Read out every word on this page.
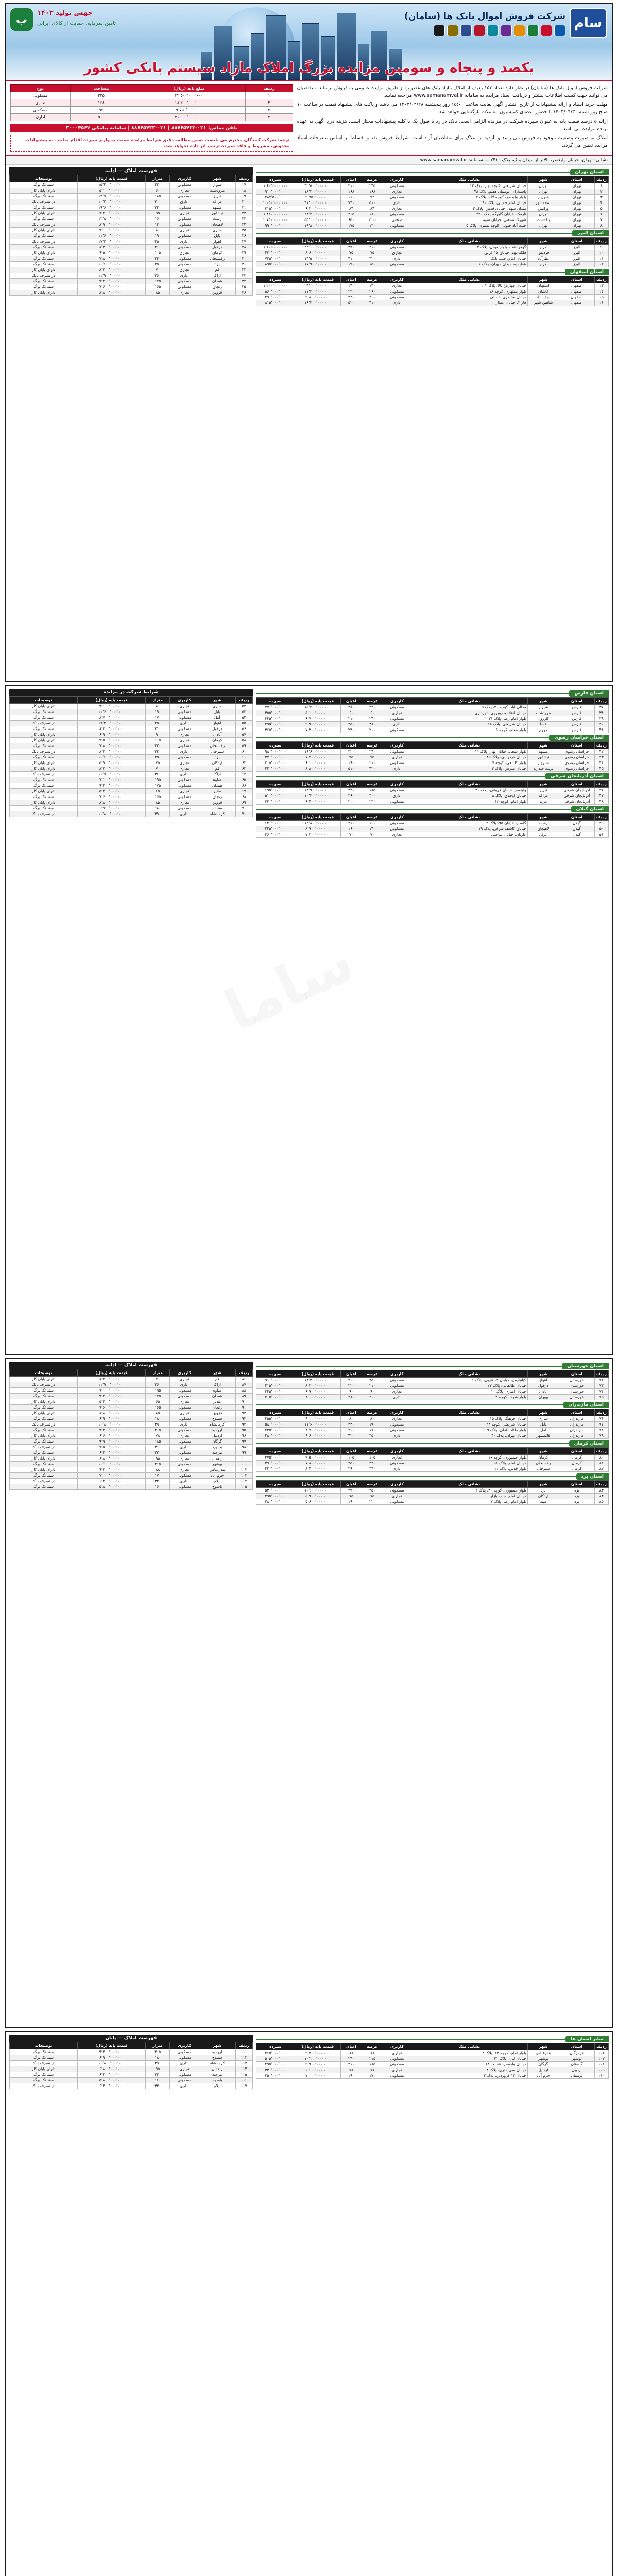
سام
شرکت فروش اموال بانک ها (سامان)
ب	جهش تولید ۱۴۰۳
تامین سرمایه، حمایت از کالای ایرانی
یکصد و پنجاه و سومین مزایده بزرگ املاک مازاد سیستم بانکی کشور

شرکت فروش اموال بانک ها (سامان) در نظر دارد تعداد ۱۵۳ ردیف از املاک مازاد بانک های عضو را از طریق مزایده عمومی به فروش برساند. متقاضیان می توانند جهت کسب اطلاعات بیشتر و دریافت اسناد مزایده به سامانه www.samanamval.ir مراجعه نمایند.

مهلت خرید اسناد و ارائه پیشنهادات از تاریخ انتشار آگهی لغایت ساعت ۱۵:۰۰ روز پنجشنبه ۱۴۰۳/۰۴/۲۸ می باشد و پاکت های پیشنهاد قیمت در ساعت ۱۰ صبح روز شنبه ۱۴۰۳/۰۴/۳۰ با حضور اعضای کمیسیون معاملات بازگشایی خواهد شد.

ارائه ۵ درصد قیمت پایه به عنوان سپرده شرکت در مزایده الزامی است. بانک در رد یا قبول یک یا کلیه پیشنهادات مختار است. هزینه درج آگهی به عهده برنده مزایده می باشد.

املاک به صورت وضعیت موجود به فروش می رسد و بازدید از املاک برای متقاضیان آزاد است. شرایط فروش نقد و اقساط بر اساس مندرجات اسناد مزایده تعیین می گردد.

ردیف	مبلغ پایه (ریال)	مساحت	نوع
۱	۳۲٬۵۰۰٬۰۰۰٬۰۰۰	۲۴۵	مسکونی
۲	۱۸٬۲۰۰٬۰۰۰٬۰۰۰	۱۶۸	تجاری
۳	۹٬۷۵۰٬۰۰۰٬۰۰۰	۹۲	مسکونی
۴	۴۱٬۰۰۰٬۰۰۰٬۰۰۰	۵۱۰	اداری
تلفن تماس: ۰۲۱-۸۸۷۶۵۴۳۲ | ۰۲۱-۸۸۷۶۵۴۳۳ | سامانه پیامکی ۳۰۰۰۴۵۶۷
توجه: شرکت کنندگان محترم می بایست ضمن مطالعه دقیق شرایط مزایده نسبت به واریز سپرده اقدام نمایند. به پیشنهادات مخدوش، مشروط و فاقد سپرده ترتیب اثر داده نخواهد شد.
نشانی: تهران، خیابان ولیعصر، بالاتر از میدان ونک، پلاک ۲۴۱۰ — سامانه: www.samanamval.ir
استان تهران
ردیف	استان	شهر	نشانی ملک	کاربری	عرصه	اعیان	قیمت پایه (ریال)	سپرده
۱	تهران	تهران	خیابان شریعتی، کوچه بهار، پلاک ۱۲	مسکونی	۲۴۵	۳۱۰	۳۲٬۵۰۰٬۰۰۰٬۰۰۰	۱٬۶۲۵٬۰۰۰٬۰۰۰
۲	تهران	تهران	پاسداران، بوستان هفتم، پلاک ۴۸	تجاری	۱۶۸	۱۶۸	۱۸٬۲۰۰٬۰۰۰٬۰۰۰	۹۱۰٬۰۰۰٬۰۰۰
۳	تهران	شهریار	بلوار ولیعصر، کوچه لاله، پلاک ۷	مسکونی	۹۲	۱۱۰	۹٬۷۵۰٬۰۰۰٬۰۰۰	۴۸۷٬۵۰۰٬۰۰۰
۴	تهران	اسلامشهر	خیابان امام خمینی، پلاک ۹۰	اداری	۵۱۰	۷۴۰	۴۱٬۰۰۰٬۰۰۰٬۰۰۰	۲٬۰۵۰٬۰۰۰٬۰۰۰
۵	تهران	ورامین	میدان شهدا، خیابان قدس، پلاک ۳	تجاری	۸۴	۸۴	۶٬۳۰۰٬۰۰۰٬۰۰۰	۳۱۵٬۰۰۰٬۰۰۰
۶	تهران	تهران	نارمک، خیابان گلبرگ، پلاک ۲۲۰	مسکونی	۱۸۰	۲۶۵	۲۸٬۴۰۰٬۰۰۰٬۰۰۰	۱٬۴۲۰٬۰۰۰٬۰۰۰
۷	تهران	پاکدشت	شهرک صنعتی، خیابان سوم	صنعتی	۱۲۰۰	۶۵۰	۵۵٬۰۰۰٬۰۰۰٬۰۰۰	۲٬۷۵۰٬۰۰۰٬۰۰۰
۸	تهران	تهران	جنت آباد جنوبی، کوچه نسترن، پلاک ۵	مسکونی	۱۳۰	۱۷۵	۱۹٬۸۰۰٬۰۰۰٬۰۰۰	۹۹۰٬۰۰۰٬۰۰۰
استان البرز
ردیف	استان	شهر	نشانی ملک	کاربری	عرصه	اعیان	قیمت پایه (ریال)	سپرده
۹	البرز	کرج	گوهردشت، بلوار موذن، پلاک ۱۴	مسکونی	۲۱۰	۲۹۰	۲۲٬۱۰۰٬۰۰۰٬۰۰۰	۱٬۱۰۵٬۰۰۰٬۰۰۰
۱۰	البرز	فردیس	فلکه دوم، خیابان ۱۵ غربی	تجاری	۷۵	۷۵	۸٬۶۰۰٬۰۰۰٬۰۰۰	۴۳۰٬۰۰۰٬۰۰۰
۱۱	البرز	نظرآباد	خیابان امام، جنب بانک	اداری	۳۲۰	۴۱۰	۱۴٬۵۰۰٬۰۰۰٬۰۰۰	۷۲۵٬۰۰۰٬۰۰۰
۱۲	البرز	کرج	عظیمیه، میدان مهران، پلاک ۶	مسکونی	۱۵۰	۱۹۰	۱۷٬۹۰۰٬۰۰۰٬۰۰۰	۸۹۵٬۰۰۰٬۰۰۰
استان اصفهان
ردیف	استان	شهر	نشانی ملک	کاربری	عرصه	اعیان	قیمت پایه (ریال)	سپرده
۱۳	اصفهان	اصفهان	خیابان چهارباغ بالا، پلاک ۱۰۲	تجاری	۱۴۰	۱۴۰	۲۴٬۰۰۰٬۰۰۰٬۰۰۰	۱٬۲۰۰٬۰۰۰٬۰۰۰
۱۴	اصفهان	کاشان	بلوار مطهری، کوچه ۱۸	مسکونی	۲۶۰	۲۳۰	۱۱٬۲۰۰٬۰۰۰٬۰۰۰	۵۶۰٬۰۰۰٬۰۰۰
۱۵	اصفهان	نجف آباد	خیابان منتظری شمالی	مسکونی	۲۰۰	۲۴۰	۹٬۸۰۰٬۰۰۰٬۰۰۰	۴۹۰٬۰۰۰٬۰۰۰
۱۶	اصفهان	شاهین شهر	فاز ۲، خیابان عطار	اداری	۴۱۰	۵۲۰	۱۶٬۳۰۰٬۰۰۰٬۰۰۰	۸۱۵٬۰۰۰٬۰۰۰
فهرست املاک — ادامه
ردیف	شهر	کاربری	متراژ	قیمت پایه (ریال)	توضیحات
۱۷	شیراز	مسکونی	۲۲۰	۱۵٬۴۰۰٬۰۰۰٬۰۰۰	سند تک برگ
۱۸	مرودشت	تجاری	۶۰	۵٬۱۰۰٬۰۰۰٬۰۰۰	دارای پایان کار
۱۹	تبریز	مسکونی	۱۸۵	۱۳٬۹۰۰٬۰۰۰٬۰۰۰	سند تک برگ
۲۰	مراغه	اداری	۳۰۰	۱۰٬۲۰۰٬۰۰۰٬۰۰۰	در تصرف بانک
۲۱	مشهد	مسکونی	۲۴۰	۱۹٬۶۰۰٬۰۰۰٬۰۰۰	سند تک برگ
۲۲	نیشابور	تجاری	۹۵	۷٬۴۰۰٬۰۰۰٬۰۰۰	دارای پایان کار
۲۳	رشت	مسکونی	۱۶۰	۱۲٬۸۰۰٬۰۰۰٬۰۰۰	سند تک برگ
۲۴	لاهیجان	مسکونی	۱۴۰	۸٬۹۰۰٬۰۰۰٬۰۰۰	در تصرف بانک
۲۵	ساری	تجاری	۸۰	۹٬۱۰۰٬۰۰۰٬۰۰۰	دارای پایان کار
۲۶	بابل	مسکونی	۱۹۰	۱۱٬۶۰۰٬۰۰۰٬۰۰۰	سند تک برگ
۲۷	اهواز	اداری	۴۵۰	۱۷٬۲۰۰٬۰۰۰٬۰۰۰	در تصرف بانک
۲۸	دزفول	مسکونی	۲۱۰	۸٬۳۰۰٬۰۰۰٬۰۰۰	سند تک برگ
۲۹	کرمان	تجاری	۱۰۵	۹٬۵۰۰٬۰۰۰٬۰۰۰	دارای پایان کار
۳۰	رفسنجان	مسکونی	۲۳۰	۷٬۸۰۰٬۰۰۰٬۰۰۰	سند تک برگ
۳۱	یزد	مسکونی	۲۵۰	۱۰٬۶۰۰٬۰۰۰٬۰۰۰	سند تک برگ
۳۲	قم	تجاری	۷۰	۸٬۲۰۰٬۰۰۰٬۰۰۰	دارای پایان کار
۳۳	اراک	اداری	۳۶۰	۱۱٬۹۰۰٬۰۰۰٬۰۰۰	در تصرف بانک
۳۴	همدان	مسکونی	۱۷۵	۹٬۴۰۰٬۰۰۰٬۰۰۰	سند تک برگ
۳۵	زنجان	مسکونی	۱۶۵	۷٬۶۰۰٬۰۰۰٬۰۰۰	سند تک برگ
۳۶	قزوین	تجاری	۸۵	۸٬۸۰۰٬۰۰۰٬۰۰۰	دارای پایان کار
استان فارس
ردیف	استان	شهر	نشانی ملک	کاربری	عرصه	اعیان	قیمت پایه (ریال)	سپرده
۳۷	فارس	شیراز	معالی آباد، کوچه ۲۰، پلاک ۹	مسکونی	۲۲۰	۲۸۰	۱۵٬۴۰۰٬۰۰۰٬۰۰۰	۷۷۰٬۰۰۰٬۰۰۰
۳۸	فارس	مرودشت	خیابان انقلاب، روبروی شهرداری	تجاری	۶۰	۶۰	۵٬۱۰۰٬۰۰۰٬۰۰۰	۲۵۵٬۰۰۰٬۰۰۰
۳۹	فارس	کازرون	بلوار امام رضا، پلاک ۳۱	مسکونی	۲۴۰	۲۱۰	۶٬۷۰۰٬۰۰۰٬۰۰۰	۳۳۵٬۰۰۰٬۰۰۰
۴۰	فارس	فسا	خیابان شریعتی، پلاک ۱۸	اداری	۳۸۰	۴۵۰	۹٬۹۰۰٬۰۰۰٬۰۰۰	۴۹۵٬۰۰۰٬۰۰۰
۴۱	فارس	جهرم	بلوار معلم، کوچه ۵	مسکونی	۲۰۰	۲۳۰	۷٬۳۰۰٬۰۰۰٬۰۰۰	۳۶۵٬۰۰۰٬۰۰۰
استان خراسان رضوی
ردیف	استان	شهر	نشانی ملک	کاربری	عرصه	اعیان	قیمت پایه (ریال)	سپرده
۴۲	خراسان رضوی	مشهد	بلوار سجاد، خیابان بهار، پلاک ۱۱	مسکونی	۲۴۰	۳۲۰	۱۹٬۶۰۰٬۰۰۰٬۰۰۰	۹۸۰٬۰۰۰٬۰۰۰
۴۳	خراسان رضوی	نیشابور	خیابان فردوسی، پلاک ۴۵	تجاری	۹۵	۹۵	۷٬۴۰۰٬۰۰۰٬۰۰۰	۳۷۰٬۰۰۰٬۰۰۰
۴۴	خراسان رضوی	سبزوار	بلوار کاشفی، کوچه ۷	مسکونی	۲۱۰	۱۹۰	۶٬۱۰۰٬۰۰۰٬۰۰۰	۳۰۵٬۰۰۰٬۰۰۰
۴۵	خراسان رضوی	تربت حیدریه	خیابان مدرس، پلاک ۲	اداری	۴۲۰	۵۱۰	۸٬۸۰۰٬۰۰۰٬۰۰۰	۴۴۰٬۰۰۰٬۰۰۰
استان آذربایجان شرقی
ردیف	استان	شهر	نشانی ملک	کاربری	عرصه	اعیان	قیمت پایه (ریال)	سپرده
۴۶	آذربایجان شرقی	تبریز	ولیعصر، خیابان فروغی، پلاک ۳۰	مسکونی	۱۸۵	۲۴۰	۱۳٬۹۰۰٬۰۰۰٬۰۰۰	۶۹۵٬۰۰۰٬۰۰۰
۴۷	آذربایجان شرقی	مراغه	خیابان اوحدی، پلاک ۸	اداری	۳۰۰	۳۶۰	۱۰٬۲۰۰٬۰۰۰٬۰۰۰	۵۱۰٬۰۰۰٬۰۰۰
۴۸	آذربایجان شرقی	مرند	بلوار امام، کوچه ۱۲	مسکونی	۲۳۰	۲۰۰	۶٬۴۰۰٬۰۰۰٬۰۰۰	۳۲۰٬۰۰۰٬۰۰۰
استان گیلان
ردیف	استان	شهر	نشانی ملک	کاربری	عرصه	اعیان	قیمت پایه (ریال)	سپرده
۴۹	گیلان	رشت	گلسار، خیابان ۹۵، پلاک ۴	مسکونی	۱۶۰	۲۱۰	۱۲٬۸۰۰٬۰۰۰٬۰۰۰	۶۴۰٬۰۰۰٬۰۰۰
۵۰	گیلان	لاهیجان	خیابان کاشف شرقی، پلاک ۱۹	مسکونی	۱۴۰	۱۶۰	۸٬۹۰۰٬۰۰۰٬۰۰۰	۴۴۵٬۰۰۰٬۰۰۰
۵۱	گیلان	انزلی	غازیان، خیابان ساحلی	تجاری	۷۰	۷۰	۷٬۲۰۰٬۰۰۰٬۰۰۰	۳۶۰٬۰۰۰٬۰۰۰
شرایط شرکت در مزایده
ردیف	شهر	کاربری	متراژ	قیمت پایه (ریال)	توضیحات
۵۲	ساری	تجاری	۸۰	۹٬۱۰۰٬۰۰۰٬۰۰۰	دارای پایان کار
۵۳	بابل	مسکونی	۱۹۰	۱۱٬۶۰۰٬۰۰۰٬۰۰۰	سند تک برگ
۵۴	آمل	مسکونی	۱۷۰	۸٬۷۰۰٬۰۰۰٬۰۰۰	سند تک برگ
۵۵	اهواز	اداری	۴۵۰	۱۷٬۲۰۰٬۰۰۰٬۰۰۰	در تصرف بانک
۵۶	دزفول	مسکونی	۲۱۰	۸٬۳۰۰٬۰۰۰٬۰۰۰	سند تک برگ
۵۷	آبادان	تجاری	۹۰	۶٬۹۰۰٬۰۰۰٬۰۰۰	دارای پایان کار
۵۸	کرمان	تجاری	۱۰۵	۹٬۵۰۰٬۰۰۰٬۰۰۰	دارای پایان کار
۵۹	رفسنجان	مسکونی	۲۳۰	۷٬۸۰۰٬۰۰۰٬۰۰۰	سند تک برگ
۶۰	سیرجان	اداری	۳۴۰	۸٬۴۰۰٬۰۰۰٬۰۰۰	در تصرف بانک
۶۱	یزد	مسکونی	۲۵۰	۱۰٬۶۰۰٬۰۰۰٬۰۰۰	سند تک برگ
۶۲	اردکان	تجاری	۷۵	۵٬۹۰۰٬۰۰۰٬۰۰۰	دارای پایان کار
۶۳	قم	تجاری	۷۰	۸٬۲۰۰٬۰۰۰٬۰۰۰	دارای پایان کار
۶۴	اراک	اداری	۳۶۰	۱۱٬۹۰۰٬۰۰۰٬۰۰۰	در تصرف بانک
۶۵	ساوه	مسکونی	۱۹۵	۷٬۱۰۰٬۰۰۰٬۰۰۰	سند تک برگ
۶۶	همدان	مسکونی	۱۷۵	۹٬۴۰۰٬۰۰۰٬۰۰۰	سند تک برگ
۶۷	ملایر	تجاری	۶۵	۵٬۲۰۰٬۰۰۰٬۰۰۰	دارای پایان کار
۶۸	زنجان	مسکونی	۱۶۵	۷٬۶۰۰٬۰۰۰٬۰۰۰	سند تک برگ
۶۹	قزوین	تجاری	۸۵	۸٬۸۰۰٬۰۰۰٬۰۰۰	دارای پایان کار
۷۰	سنندج	مسکونی	۱۸۰	۶٬۹۰۰٬۰۰۰٬۰۰۰	سند تک برگ
۷۱	کرمانشاه	اداری	۳۹۰	۱۰٬۸۰۰٬۰۰۰٬۰۰۰	در تصرف بانک
استان خوزستان
ردیف	استان	شهر	نشانی ملک	کاربری	عرصه	اعیان	قیمت پایه (ریال)	سپرده
۷۲	خوزستان	اهواز	کیانپارس، خیابان ۱۴ غربی، پلاک ۶	مسکونی	۲۵۰	۳۰۰	۱۸٬۲۰۰٬۰۰۰٬۰۰۰	۹۱۰٬۰۰۰٬۰۰۰
۷۳	خوزستان	دزفول	خیابان طالقانی، پلاک ۲۷	مسکونی	۲۱۰	۲۲۰	۸٬۳۰۰٬۰۰۰٬۰۰۰	۴۱۵٬۰۰۰٬۰۰۰
۷۴	خوزستان	آبادان	خیابان امیری، پلاک ۱۰	تجاری	۹۰	۹۰	۶٬۹۰۰٬۰۰۰٬۰۰۰	۳۴۵٬۰۰۰٬۰۰۰
۷۵	خوزستان	بهبهان	بلوار شهدا، کوچه ۳	اداری	۴۰۰	۴۸۰	۸٬۱۰۰٬۰۰۰٬۰۰۰	۴۰۵٬۰۰۰٬۰۰۰
استان مازندران
ردیف	استان	شهر	نشانی ملک	کاربری	عرصه	اعیان	قیمت پایه (ریال)	سپرده
۷۶	مازندران	ساری	خیابان فرهنگ، پلاک ۱۵	تجاری	۸۰	۸۰	۹٬۱۰۰٬۰۰۰٬۰۰۰	۴۵۵٬۰۰۰٬۰۰۰
۷۷	مازندران	بابل	خیابان شریعتی، کوچه ۲۴	مسکونی	۱۹۰	۲۳۰	۱۱٬۶۰۰٬۰۰۰٬۰۰۰	۵۸۰٬۰۰۰٬۰۰۰
۷۸	مازندران	آمل	بلوار طالب آملی، پلاک ۹	مسکونی	۱۷۰	۲۰۰	۸٬۷۰۰٬۰۰۰٬۰۰۰	۴۳۵٬۰۰۰٬۰۰۰
۷۹	مازندران	قائمشهر	خیابان تهران، پلاک ۴۰	اداری	۳۵۰	۴۲۰	۹٬۶۰۰٬۰۰۰٬۰۰۰	۴۸۰٬۰۰۰٬۰۰۰
استان کرمان
ردیف	استان	شهر	نشانی ملک	کاربری	عرصه	اعیان	قیمت پایه (ریال)	سپرده
۸۰	کرمان	کرمان	بلوار جمهوری، کوچه ۱۶	تجاری	۱۰۵	۱۰۵	۹٬۵۰۰٬۰۰۰٬۰۰۰	۴۷۵٬۰۰۰٬۰۰۰
۸۱	کرمان	رفسنجان	خیابان امام، پلاک ۵۲	مسکونی	۲۳۰	۲۵۰	۷٬۸۰۰٬۰۰۰٬۰۰۰	۳۹۰٬۰۰۰٬۰۰۰
۸۲	کرمان	سیرجان	بلوار قدس، پلاک ۱۱	اداری	۳۴۰	۳۹۰	۸٬۴۰۰٬۰۰۰٬۰۰۰	۴۲۰٬۰۰۰٬۰۰۰
استان یزد
ردیف	استان	شهر	نشانی ملک	کاربری	عرصه	اعیان	قیمت پایه (ریال)	سپرده
۸۳	یزد	یزد	بلوار جمهوری، کوچه ۳۰، پلاک ۲	مسکونی	۲۵۰	۲۹۰	۱۰٬۶۰۰٬۰۰۰٬۰۰۰	۵۳۰٬۰۰۰٬۰۰۰
۸۴	یزد	اردکان	خیابان امام، جنب بازار	تجاری	۷۵	۷۵	۵٬۹۰۰٬۰۰۰٬۰۰۰	۲۹۵٬۰۰۰٬۰۰۰
۸۵	یزد	میبد	بلوار امام رضا، پلاک ۷	مسکونی	۲۲۰	۱۹۰	۵٬۶۰۰٬۰۰۰٬۰۰۰	۲۸۰٬۰۰۰٬۰۰۰
فهرست املاک — ادامه
ردیف	شهر	کاربری	متراژ	قیمت پایه (ریال)	توضیحات
۸۶	قم	تجاری	۷۰	۸٬۲۰۰٬۰۰۰٬۰۰۰	دارای پایان کار
۸۷	اراک	اداری	۳۶۰	۱۱٬۹۰۰٬۰۰۰٬۰۰۰	در تصرف بانک
۸۸	ساوه	مسکونی	۱۹۵	۷٬۱۰۰٬۰۰۰٬۰۰۰	سند تک برگ
۸۹	همدان	مسکونی	۱۷۵	۹٬۴۰۰٬۰۰۰٬۰۰۰	سند تک برگ
۹۰	ملایر	تجاری	۶۵	۵٬۲۰۰٬۰۰۰٬۰۰۰	دارای پایان کار
۹۱	زنجان	مسکونی	۱۶۵	۷٬۶۰۰٬۰۰۰٬۰۰۰	سند تک برگ
۹۲	قزوین	تجاری	۸۵	۸٬۸۰۰٬۰۰۰٬۰۰۰	دارای پایان کار
۹۳	سنندج	مسکونی	۱۸۰	۶٬۹۰۰٬۰۰۰٬۰۰۰	سند تک برگ
۹۴	کرمانشاه	اداری	۳۹۰	۱۰٬۸۰۰٬۰۰۰٬۰۰۰	در تصرف بانک
۹۵	ارومیه	مسکونی	۲۰۵	۹٬۲۰۰٬۰۰۰٬۰۰۰	سند تک برگ
۹۶	اردبیل	تجاری	۷۸	۶٬۶۰۰٬۰۰۰٬۰۰۰	دارای پایان کار
۹۷	گرگان	مسکونی	۱۸۵	۹٬۹۰۰٬۰۰۰٬۰۰۰	سند تک برگ
۹۸	بجنورد	اداری	۳۱۰	۷٬۵۰۰٬۰۰۰٬۰۰۰	در تصرف بانک
۹۹	بیرجند	مسکونی	۲۲۰	۶٬۴۰۰٬۰۰۰٬۰۰۰	سند تک برگ
۱۰۰	زاهدان	تجاری	۹۵	۶٬۸۰۰٬۰۰۰٬۰۰۰	دارای پایان کار
۱۰۱	بوشهر	مسکونی	۲۱۵	۱۰٬۱۰۰٬۰۰۰٬۰۰۰	سند تک برگ
۱۰۲	بندرعباس	تجاری	۸۸	۹٬۳۰۰٬۰۰۰٬۰۰۰	دارای پایان کار
۱۰۳	خرم آباد	مسکونی	۱۷۰	۷٬۰۰۰٬۰۰۰٬۰۰۰	سند تک برگ
۱۰۴	ایلام	اداری	۳۲۰	۶٬۲۰۰٬۰۰۰٬۰۰۰	در تصرف بانک
۱۰۵	یاسوج	مسکونی	۱۶۰	۵٬۸۰۰٬۰۰۰٬۰۰۰	سند تک برگ
سایر استان ها
ردیف	استان	شهر	نشانی ملک	کاربری	عرصه	اعیان	قیمت پایه (ریال)	سپرده
۱۰۶	هرمزگان	بندرعباس	بلوار امام، کوچه ۱۲، پلاک ۳	تجاری	۸۸	۸۸	۹٬۳۰۰٬۰۰۰٬۰۰۰	۴۶۵٬۰۰۰٬۰۰۰
۱۰۷	بوشهر	بوشهر	خیابان لیان، پلاک ۲۱	مسکونی	۲۱۵	۲۴۰	۱۰٬۱۰۰٬۰۰۰٬۰۰۰	۵۰۵٬۰۰۰٬۰۰۰
۱۰۸	گلستان	گرگان	خیابان ولیعصر، عدالت ۱۴	مسکونی	۱۸۵	۲۱۰	۹٬۹۰۰٬۰۰۰٬۰۰۰	۴۹۵٬۰۰۰٬۰۰۰
۱۰۹	اردبیل	اردبیل	خیابان سی متری، پلاک ۸	تجاری	۷۸	۷۸	۶٬۶۰۰٬۰۰۰٬۰۰۰	۳۳۰٬۰۰۰٬۰۰۰
۱۱۰	لرستان	خرم آباد	خیابان ۱۲ فروردین، پلاک ۲	مسکونی	۱۷۰	۱۹۰	۷٬۰۰۰٬۰۰۰٬۰۰۰	۳۵۰٬۰۰۰٬۰۰۰
فهرست املاک — پایان
ردیف	شهر	کاربری	متراژ	قیمت پایه (ریال)	توضیحات
۱۱۱	ارومیه	مسکونی	۲۰۵	۹٬۲۰۰٬۰۰۰٬۰۰۰	سند تک برگ
۱۱۲	سنندج	مسکونی	۱۸۰	۶٬۹۰۰٬۰۰۰٬۰۰۰	سند تک برگ
۱۱۳	کرمانشاه	اداری	۳۹۰	۱۰٬۸۰۰٬۰۰۰٬۰۰۰	در تصرف بانک
۱۱۴	زاهدان	تجاری	۹۵	۶٬۸۰۰٬۰۰۰٬۰۰۰	دارای پایان کار
۱۱۵	بیرجند	مسکونی	۲۲۰	۶٬۴۰۰٬۰۰۰٬۰۰۰	سند تک برگ
۱۱۶	یاسوج	مسکونی	۱۶۰	۵٬۸۰۰٬۰۰۰٬۰۰۰	سند تک برگ
۱۱۷	ایلام	اداری	۳۲۰	۶٬۲۰۰٬۰۰۰٬۰۰۰	در تصرف بانک
